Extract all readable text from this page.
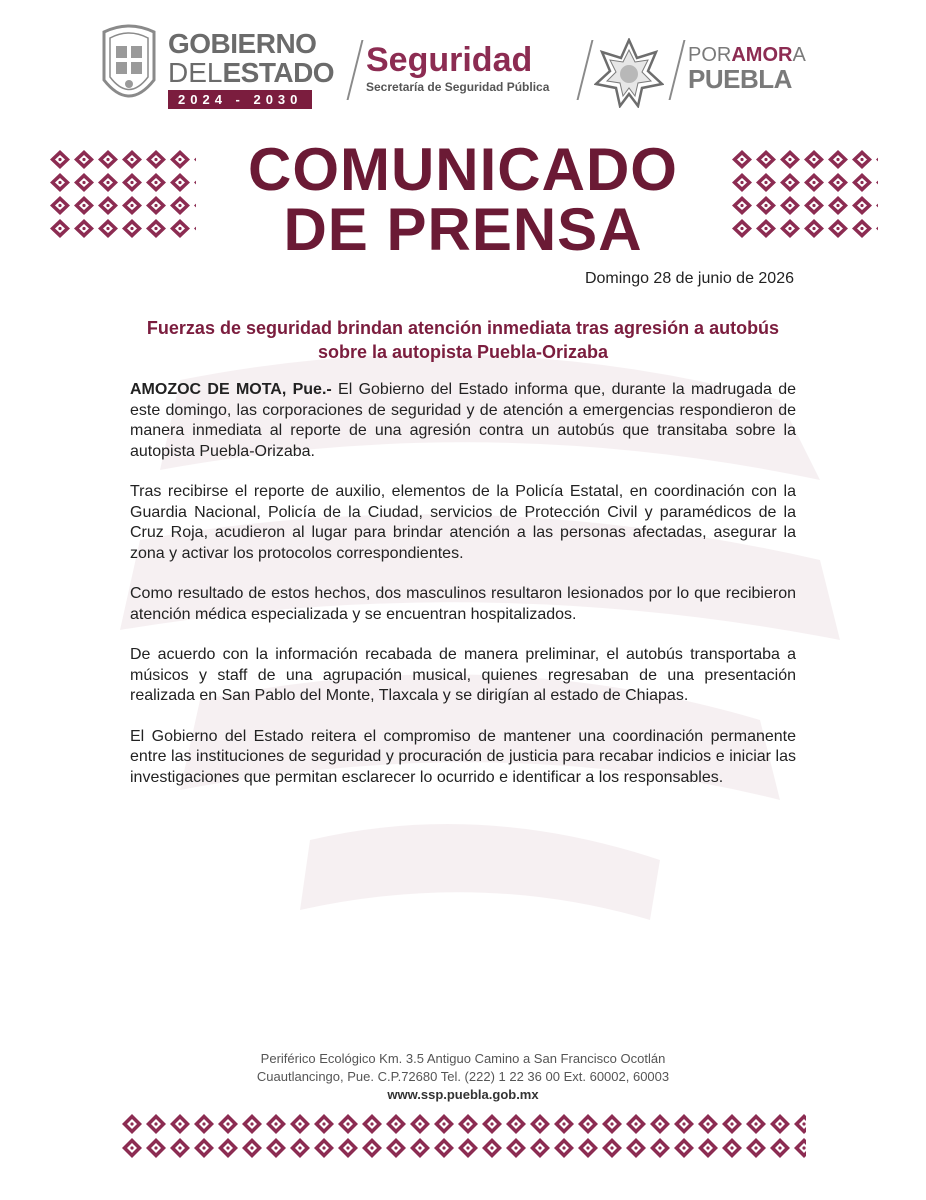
GOBIERNO
DELESTADO
2024 - 2030
Seguridad
Secretaría de Seguridad Pública
PORAMORA
PUEBLA
COMUNICADO
DE PRENSA
Domingo 28 de junio de 2026
Fuerzas de seguridad brindan atención inmediata tras agresión a autobús sobre la autopista Puebla-Orizaba

AMOZOC DE MOTA, Pue.- El Gobierno del Estado informa que, durante la madrugada de este domingo, las corporaciones de seguridad y de atención a emergencias respondieron de manera inmediata al reporte de una agresión contra un autobús que transitaba sobre la autopista Puebla-Orizaba.

Tras recibirse el reporte de auxilio, elementos de la Policía Estatal, en coordinación con la Guardia Nacional, Policía de la Ciudad, servicios de Protección Civil y paramédicos de la Cruz Roja, acudieron al lugar para brindar atención a las personas afectadas, asegurar la zona y activar los protocolos correspondientes.

Como resultado de estos hechos, dos masculinos resultaron lesionados por lo que recibieron atención médica especializada y se encuentran hospitalizados.

De acuerdo con la información recabada de manera preliminar, el autobús transportaba a músicos y staff de una agrupación musical, quienes regresaban de una presentación realizada en San Pablo del Monte, Tlaxcala y se dirigían al estado de Chiapas.

El Gobierno del Estado reitera el compromiso de mantener una coordinación permanente entre las instituciones de seguridad y procuración de justicia para recabar indicios e iniciar las investigaciones que permitan esclarecer lo ocurrido e identificar a los responsables.

Periférico Ecológico Km. 3.5 Antiguo Camino a San Francisco Ocotlán
Cuautlancingo, Pue. C.P.72680 Tel. (222) 1 22 36 00 Ext. 60002, 60003
www.ssp.puebla.gob.mx
